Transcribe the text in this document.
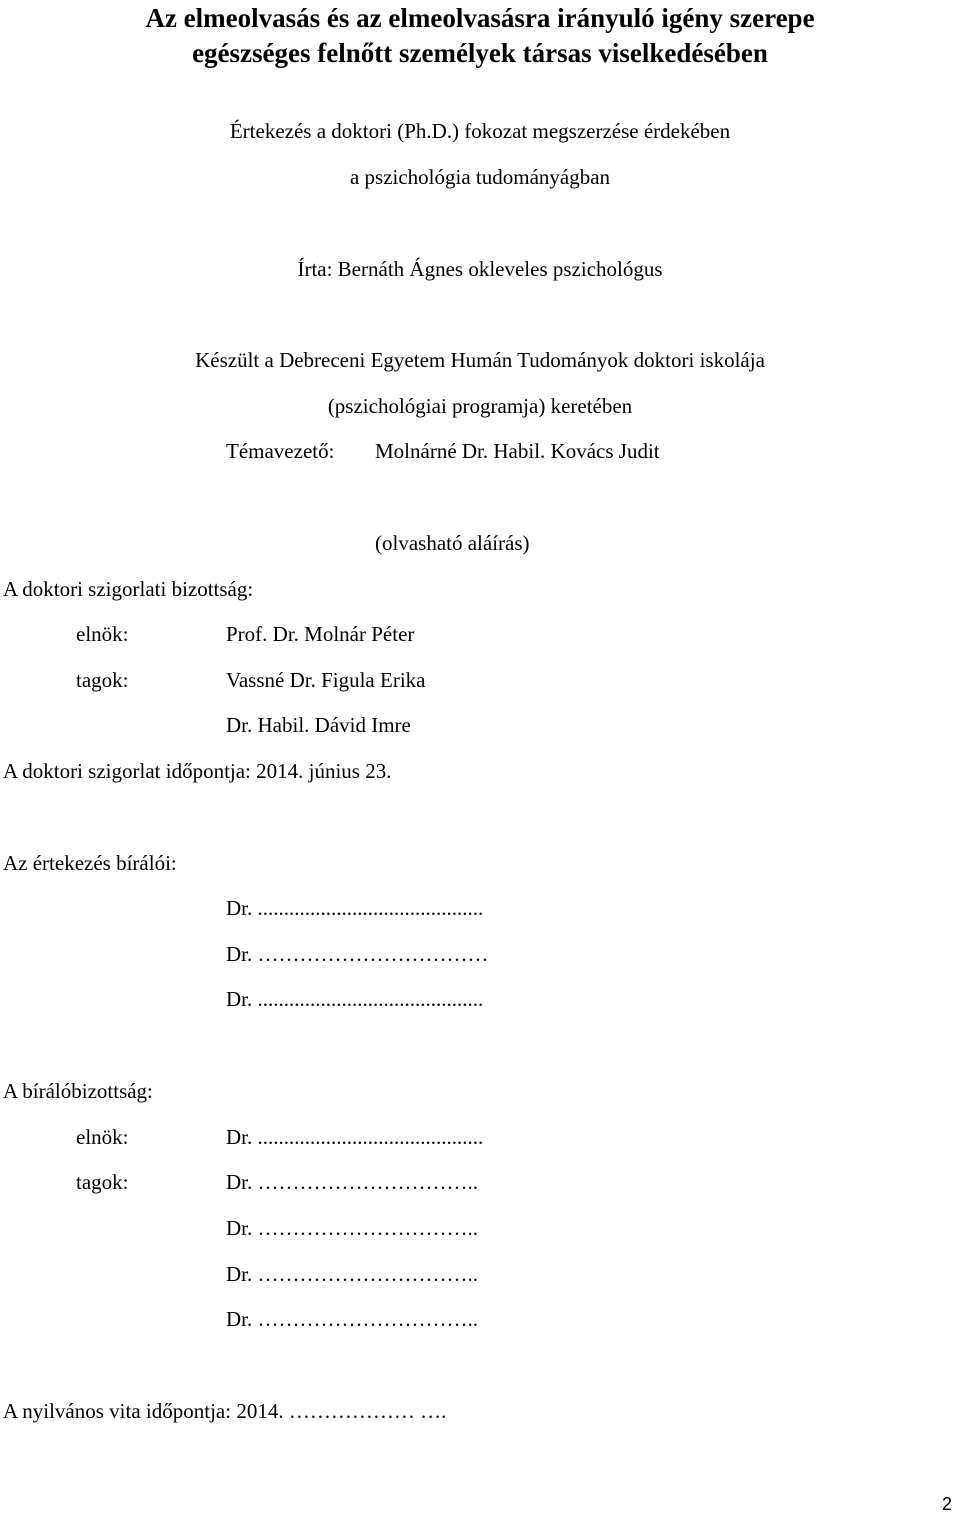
Az elmeolvasás és az elmeolvasásra irányuló igény szerepe
egészséges felnőtt személyek társas viselkedésében
Értekezés a doktori (Ph.D.) fokozat megszerzése érdekében
a pszichológia tudományágban
Írta: Bernáth Ágnes okleveles pszichológus
Készült a Debreceni Egyetem Humán Tudományok doktori iskolája
(pszichológiai programja) keretében
Témavezető: Molnárné Dr. Habil. Kovács Judit
(olvasható aláírás)
A doktori szigorlati bizottság:
elnök:	Prof. Dr. Molnár Péter
tagok:	Vassné Dr. Figula Erika
Dr. Habil. Dávid Imre
A doktori szigorlat időpontja: 2014. június 23.
Az értekezés bírálói:
Dr. ...........................................
Dr. ……………………………
Dr. ...........................................
A bírálóbizottság:
elnök:	Dr. ...........................................
tagok:	Dr. …………………………..
Dr. …………………………..
Dr. …………………………..
Dr. …………………………..
A nyilvános vita időpontja: 2014. ……………… ….
2
